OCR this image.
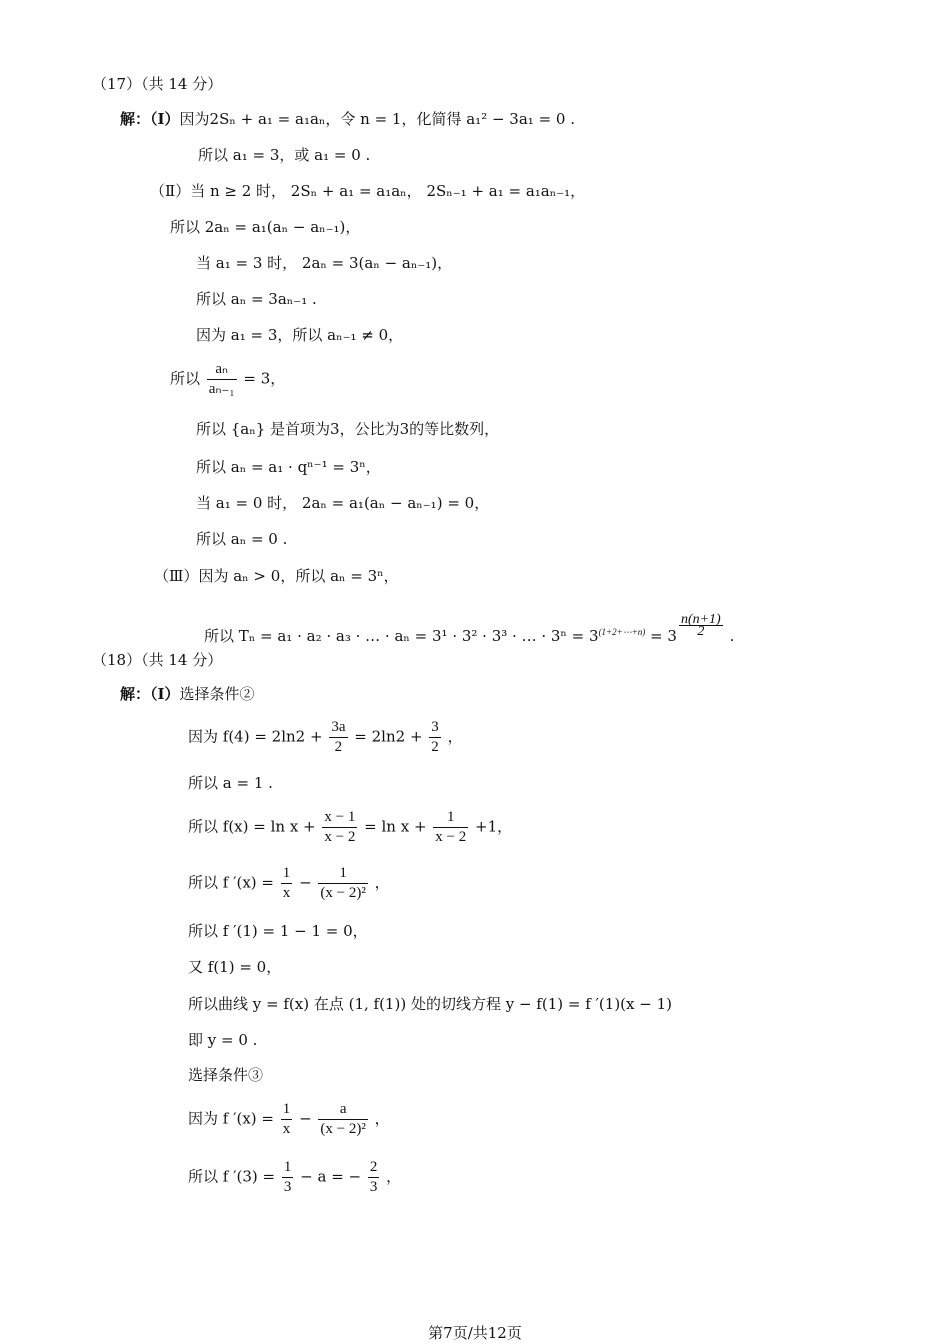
（17）（共 14 分）
解：（Ⅰ）因为2Sₙ + a₁ = a₁aₙ，令 n = 1，化简得 a₁² − 3a₁ = 0 .
所以 a₁ = 3，或 a₁ = 0 .
（Ⅱ）当 n ≥ 2 时， 2Sₙ + a₁ = a₁aₙ， 2Sₙ₋₁ + a₁ = a₁aₙ₋₁，
所以 2aₙ = a₁(aₙ − aₙ₋₁)，
当 a₁ = 3 时， 2aₙ = 3(aₙ − aₙ₋₁)，
所以 aₙ = 3aₙ₋₁ .
因为 a₁ = 3，所以 aₙ₋₁ ≠ 0，
所以 $\frac{\text{aₙ}}{\text{aₙ₋₁}} = 3$，
所以 {aₙ} 是首项为3，公比为3的等比数列，
所以 aₙ = a₁ · qⁿ⁻¹ = 3ⁿ，
当 a₁ = 0 时， 2aₙ = a₁(aₙ − aₙ₋₁) = 0，
所以 aₙ = 0 .
（Ⅲ）因为 aₙ > 0，所以 aₙ = 3ⁿ，
所以 Tₙ = a₁ · a₂ · a₃ · … · aₙ = 3¹ · 3² · 3³ · … · $3^n = 3^{(1+2+\cdots+n)} = 3$ $^{\frac{n(n+1)}{2}}$ .
（18）（共 14 分）
解：（Ⅰ）选择条件②
因为 $f(4) = 2\ln 2 + \frac{3a}{2} = 2\ln 2 + \frac{3}{2}$ ，
所以 a = 1 .
所以 $f(x) = \ln x + \frac{x - 1}{x - 2} = \ln x + \frac{1}{x - 2} +1$，
所以 f $'(x) = \frac{1}{x} - \frac{1}{\text{(x − 2)²}}$ ，
所以 f ′(1) = 1 − 1 = 0，
又 f(1) = 0，
所以曲线 y = f(x) 在点 (1, f(1)) 处的切线方程 y − f(1) = f ′(1)(x − 1)
即 y = 0 .
选择条件③
因为 f $'(x) = \frac{1}{x} - \frac{a}{\text{(x − 2)²}}$ ，
所以 f $'(3) = \frac{1}{3} - a$ = − $\frac{2}{3}$ ，
第7页/共12页
